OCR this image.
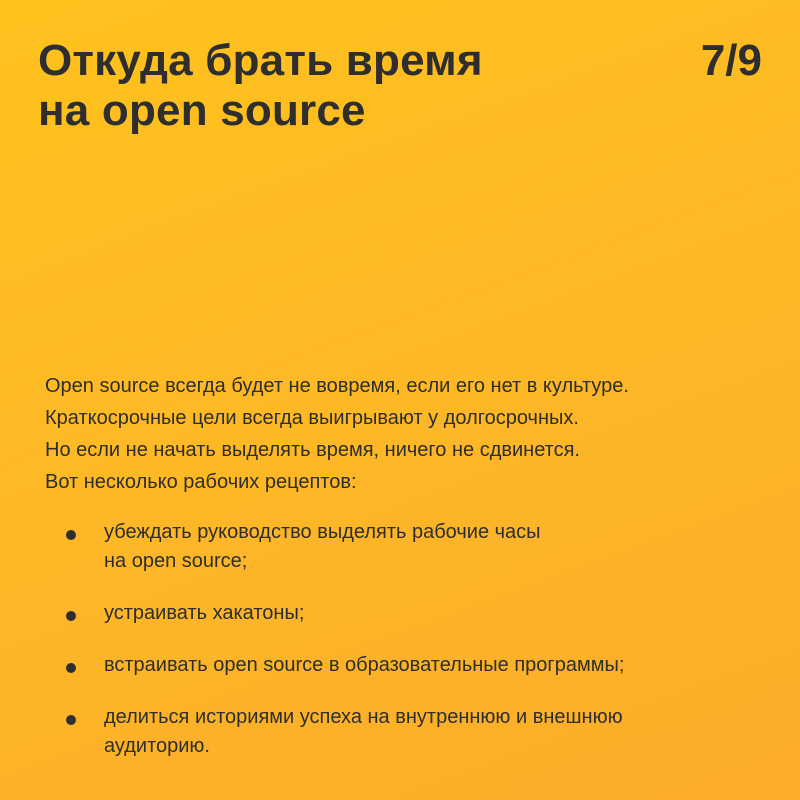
Откуда брать время
на open source
7/9

Open source всегда будет не вовремя, если его нет в культуре.
Краткосрочные цели всегда выигрывают у долгосрочных.
Но если не начать выделять время, ничего не сдвинется.
Вот несколько рабочих рецептов:

убеждать руководство выделять рабочие часы
на open source;
устраивать хакатоны;
встраивать open source в образовательные программы;
делиться историями успеха на внутреннюю и внешнюю
аудиторию.
